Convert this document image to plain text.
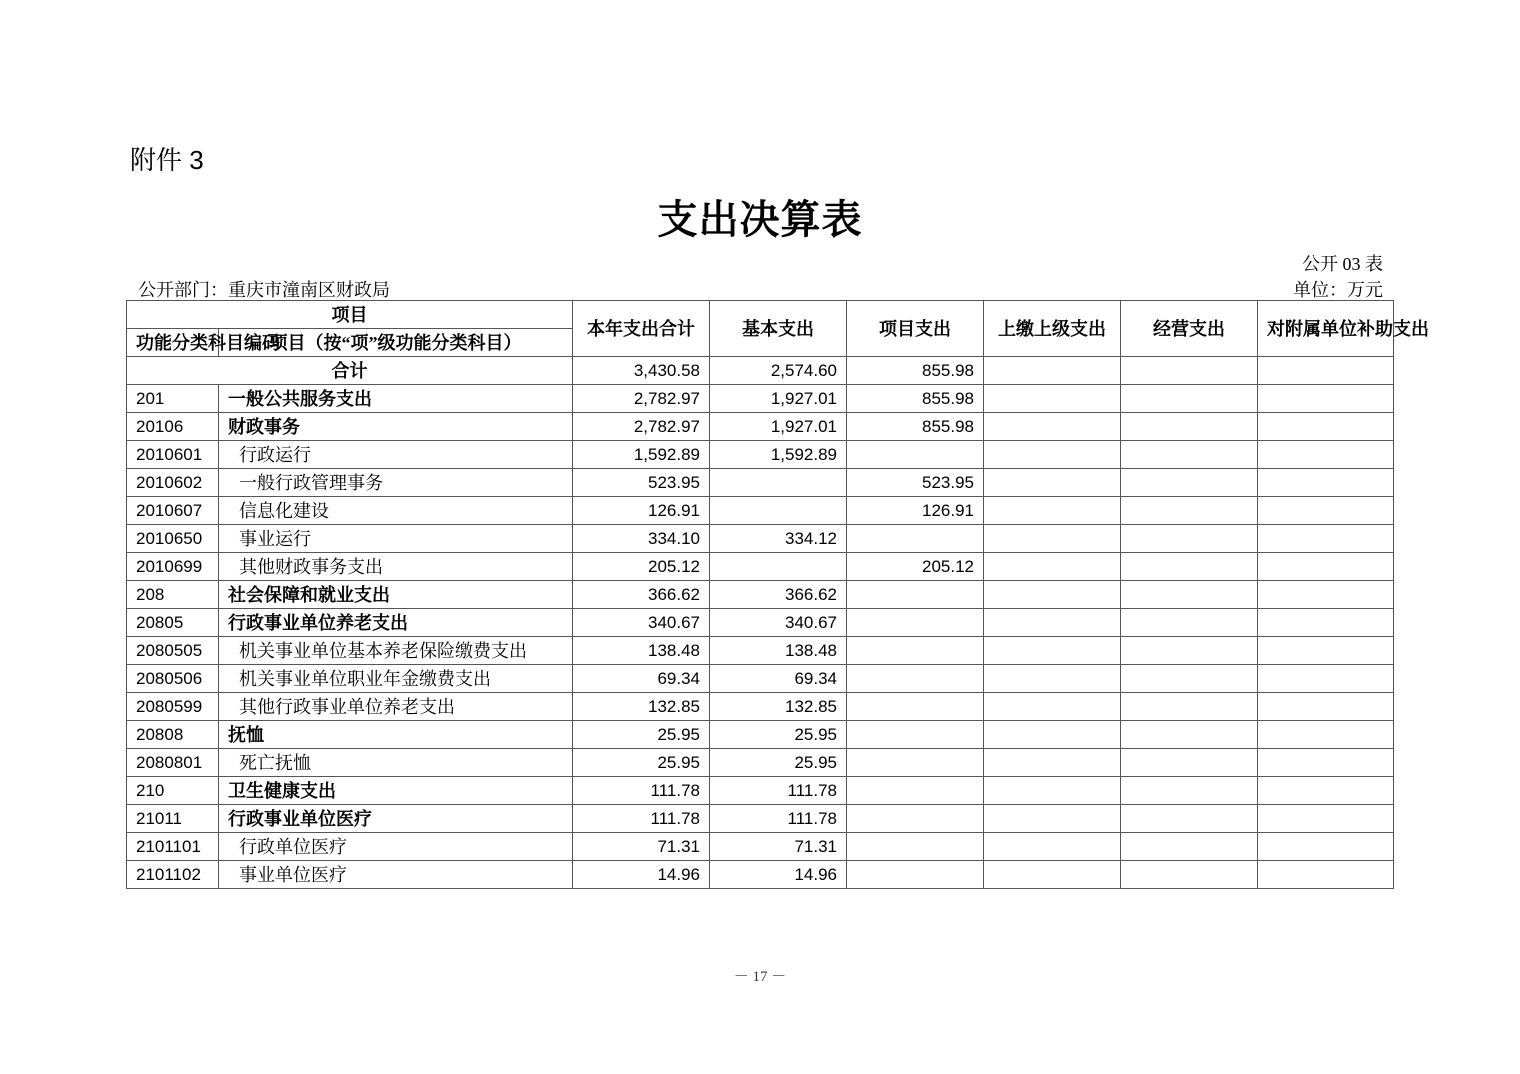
附件 3
支出决算表
公开 03 表
公开部门：重庆市潼南区财政局	单位：万元
项目		本年支出合计	基本支出	项目支出	上缴上级支出	经营支出	对附属单位补助支出
功能分类科目编码	项目（按“项”级功能分类科目）						
合计		3,430.58	2,574.60	855.98			
201	一般公共服务支出	2,782.97	1,927.01	855.98			
20106	财政事务	2,782.97	1,927.01	855.98			
2010601	行政运行	1,592.89	1,592.89				
2010602	一般行政管理事务	523.95		523.95			
2010607	信息化建设	126.91		126.91			
2010650	事业运行	334.10	334.12				
2010699	其他财政事务支出	205.12		205.12			
208	社会保障和就业支出	366.62	366.62				
20805	行政事业单位养老支出	340.67	340.67				
2080505	机关事业单位基本养老保险缴费支出	138.48	138.48				
2080506	机关事业单位职业年金缴费支出	69.34	69.34				
2080599	其他行政事业单位养老支出	132.85	132.85				
20808	抚恤	25.95	25.95				
2080801	死亡抚恤	25.95	25.95				
210	卫生健康支出	111.78	111.78				
21011	行政事业单位医疗	111.78	111.78				
2101101	行政单位医疗	71.31	71.31				
2101102	事业单位医疗	14.96	14.96				
－ 17 －
